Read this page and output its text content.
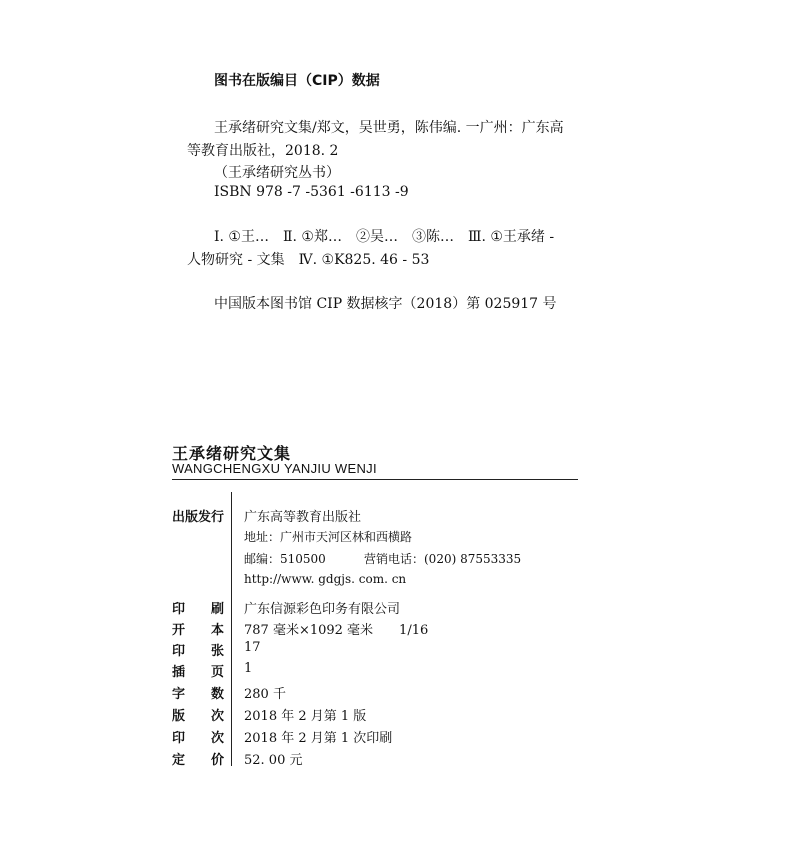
图书在版编目（CIP）数据
王承绪研究文集/郑文，吴世勇，陈伟编. 一广州：广东高
等教育出版社，2018. 2
（王承绪研究丛书）
ISBN 978 -7 -5361 -6113 -9
Ⅰ. ①王…　Ⅱ. ①郑…　②吴…　③陈…　Ⅲ. ①王承绪 -
人物研究 - 文集　Ⅳ. ①K825. 46 - 53
中国版本图书馆 CIP 数据核字（2018）第 025917 号
王承绪研究文集
WANGCHENGXU YANJIU WENJI
出版发行 广东高等教育出版社
地址：广州市天河区林和西横路
邮编：510500	营销电话：(020) 87553335
http://www. gdgjs. com. cn
印 刷 广东信源彩色印务有限公司
开 本 787 毫米×1092 毫米　　1/16
印 张 17
插 页 1
字 数 280 千
版 次 2018 年 2 月第 1 版
印 次 2018 年 2 月第 1 次印刷
定 价 52. 00 元
